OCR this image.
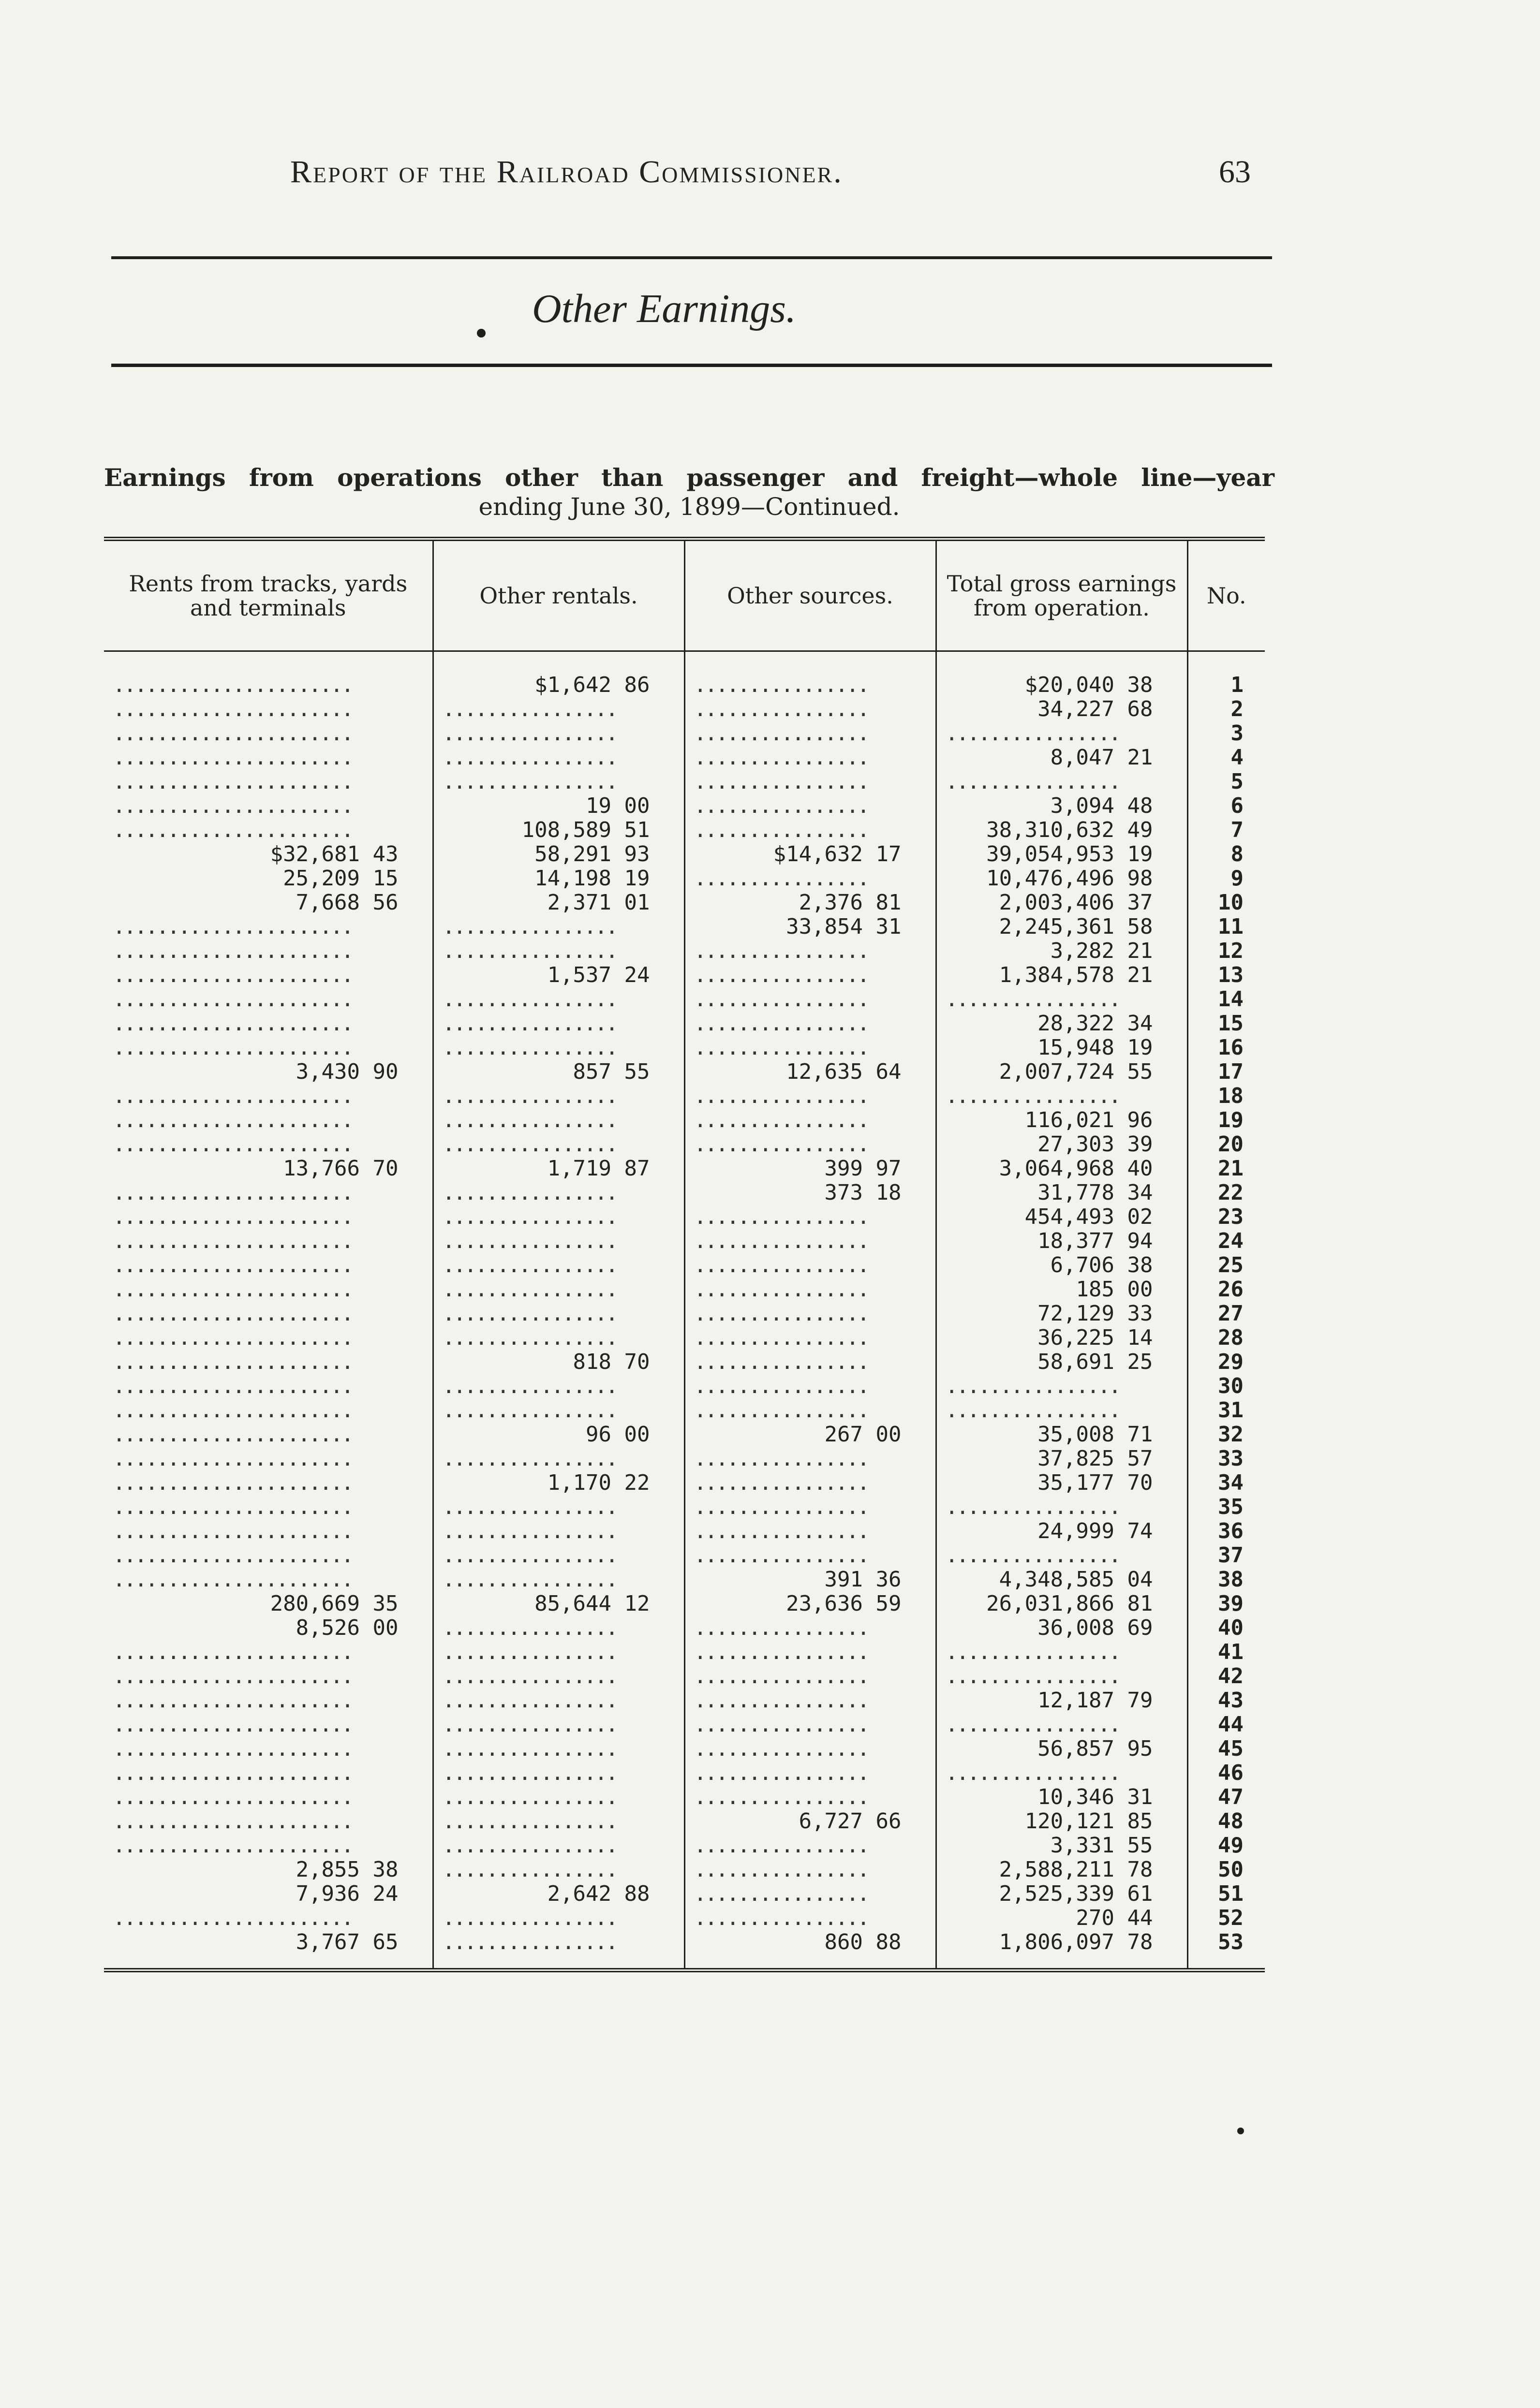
Report of the Railroad Commissioner.	63
Other Earnings.
Earnings from operations other than passenger and freight—whole line—year
ending June 30, 1899—Continued.
Rents from tracks, yards and terminals	Other rentals.	Other sources.	Total gross earnings from operation.	No.
......................	$1,642 86	................	$20,040 38	1
......................	................	................	34,227 68	2
......................	................	................	................	3
......................	................	................	8,047 21	4
......................	................	................	................	5
......................	19 00	................	3,094 48	6
......................	108,589 51	................	38,310,632 49	7
$32,681 43	58,291 93	$14,632 17	39,054,953 19	8
25,209 15	14,198 19	................	10,476,496 98	9
7,668 56	2,371 01	2,376 81	2,003,406 37	10
......................	................	33,854 31	2,245,361 58	11
......................	................	................	3,282 21	12
......................	1,537 24	................	1,384,578 21	13
......................	................	................	................	14
......................	................	................	28,322 34	15
......................	................	................	15,948 19	16
3,430 90	857 55	12,635 64	2,007,724 55	17
......................	................	................	................	18
......................	................	................	116,021 96	19
......................	................	................	27,303 39	20
13,766 70	1,719 87	399 97	3,064,968 40	21
......................	................	373 18	31,778 34	22
......................	................	................	454,493 02	23
......................	................	................	18,377 94	24
......................	................	................	6,706 38	25
......................	................	................	185 00	26
......................	................	................	72,129 33	27
......................	................	................	36,225 14	28
......................	818 70	................	58,691 25	29
......................	................	................	................	30
......................	................	................	................	31
......................	96 00	267 00	35,008 71	32
......................	................	................	37,825 57	33
......................	1,170 22	................	35,177 70	34
......................	................	................	................	35
......................	................	................	24,999 74	36
......................	................	................	................	37
......................	................	391 36	4,348,585 04	38
280,669 35	85,644 12	23,636 59	26,031,866 81	39
8,526 00	................	................	36,008 69	40
......................	................	................	................	41
......................	................	................	................	42
......................	................	................	12,187 79	43
......................	................	................	................	44
......................	................	................	56,857 95	45
......................	................	................	................	46
......................	................	................	10,346 31	47
......................	................	6,727 66	120,121 85	48
......................	................	................	3,331 55	49
2,855 38	................	................	2,588,211 78	50
7,936 24	2,642 88	................	2,525,339 61	51
......................	................	................	270 44	52
3,767 65	................	860 88	1,806,097 78	53
